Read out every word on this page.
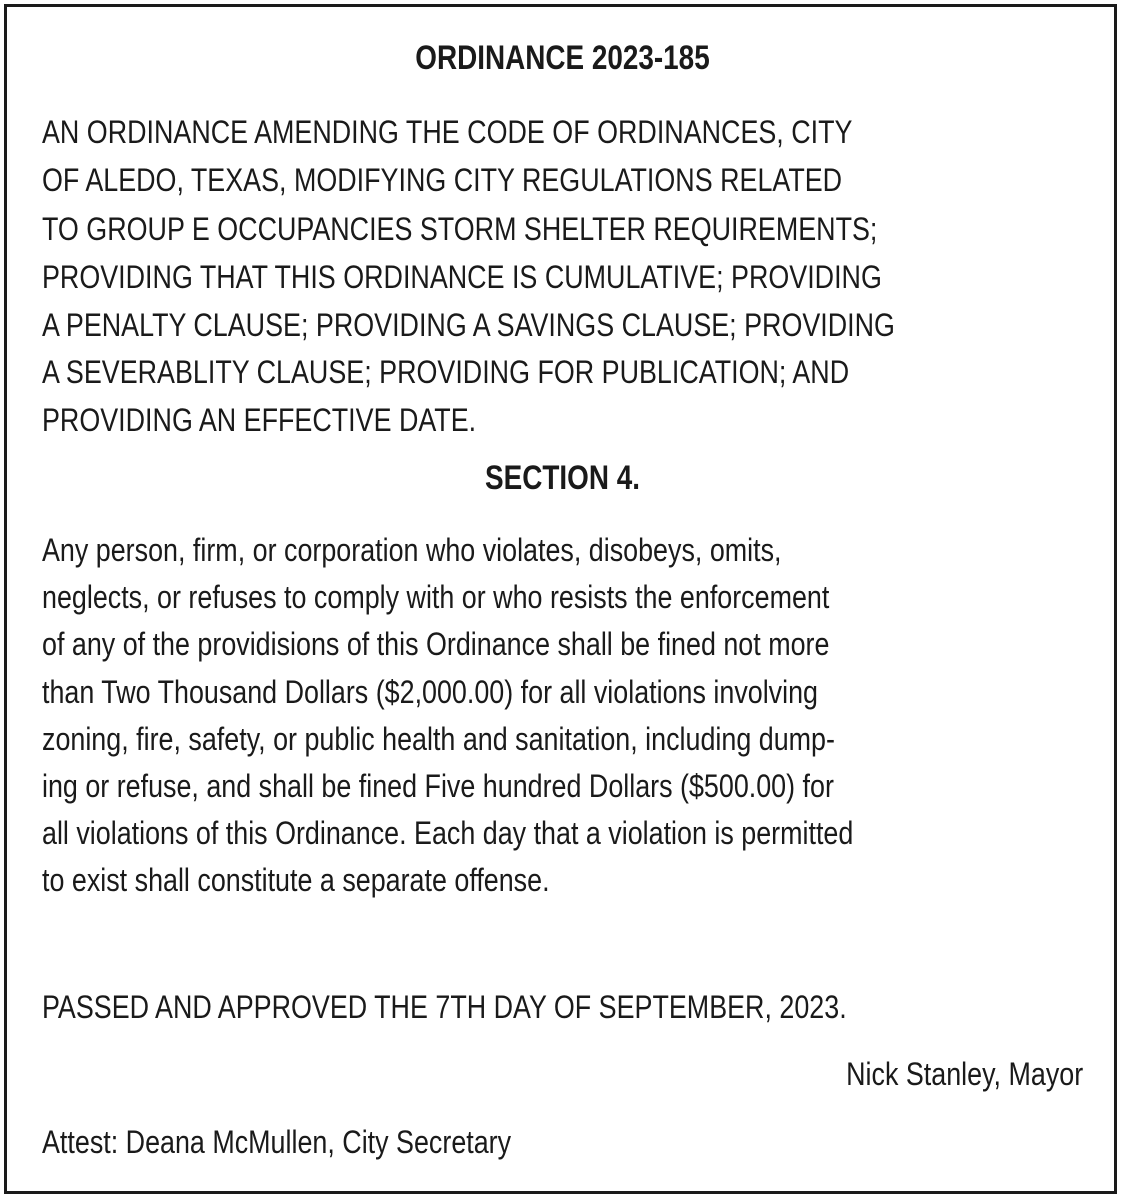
ORDINANCE 2023-185
AN ORDINANCE AMENDING THE CODE OF ORDINANCES, CITY
OF ALEDO, TEXAS, MODIFYING CITY REGULATIONS RELATED
TO GROUP E OCCUPANCIES STORM SHELTER REQUIREMENTS;
PROVIDING THAT THIS ORDINANCE IS CUMULATIVE; PROVIDING
A PENALTY CLAUSE; PROVIDING A SAVINGS CLAUSE; PROVIDING
A SEVERABLITY CLAUSE; PROVIDING FOR PUBLICATION; AND
PROVIDING AN EFFECTIVE DATE.
SECTION 4.
Any person, firm, or corporation who violates, disobeys, omits,
neglects, or refuses to comply with or who resists the enforcement
of any of the providisions of this Ordinance shall be fined not more
than Two Thousand Dollars ($2,000.00) for all violations involving
zoning, fire, safety, or public health and sanitation, including dump-
ing or refuse, and shall be fined Five hundred Dollars ($500.00) for
all violations of this Ordinance. Each day that a violation is permitted
to exist shall constitute a separate offense.
PASSED AND APPROVED THE 7TH DAY OF SEPTEMBER, 2023.
Nick Stanley, Mayor
Attest: Deana McMullen, City Secretary
